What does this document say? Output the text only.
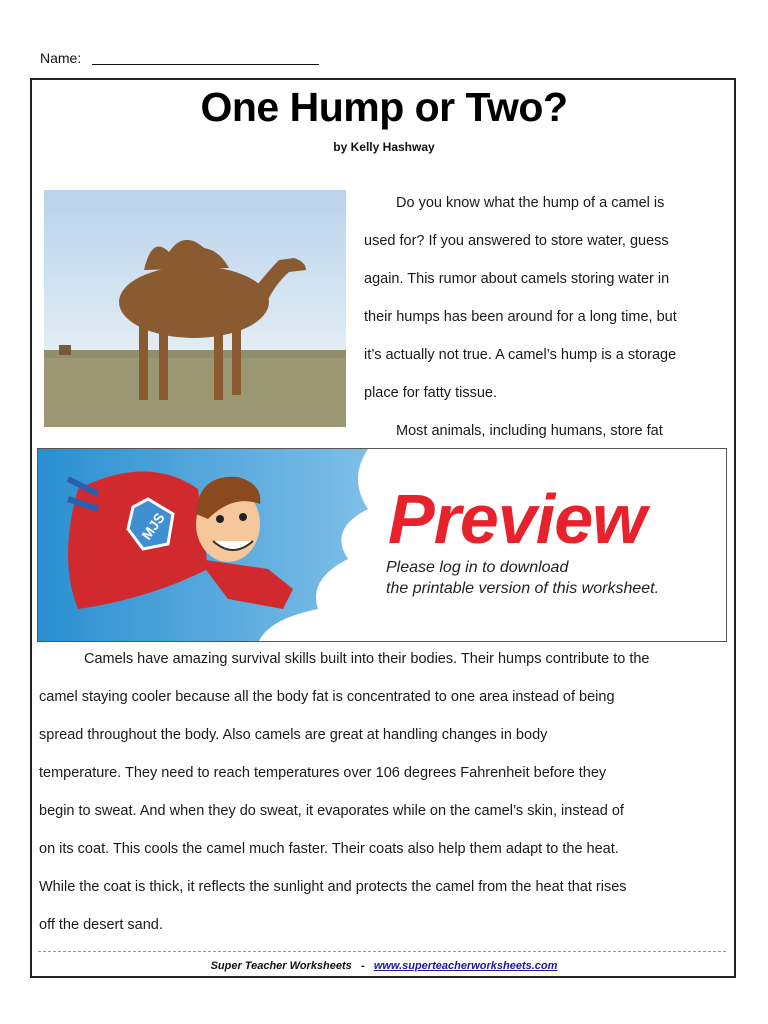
Name:
One Hump or Two?
by Kelly Hashway
Do you know what the hump of a camel is
used for? If you answered to store water, guess
again. This rumor about camels storing water in
their humps has been around for a long time, but
it’s actually not true. A camel’s hump is a storage
place for fatty tissue.
Most animals, including humans, store fat
MJS	Preview
Please log in to download
the printable version of this worksheet.
Camels have amazing survival skills built into their bodies. Their humps contribute to the
camel staying cooler because all the body fat is concentrated to one area instead of being
spread throughout the body. Also camels are great at handling changes in body
temperature. They need to reach temperatures over 106 degrees Fahrenheit before they
begin to sweat. And when they do sweat, it evaporates while on the camel’s skin, instead of
on its coat. This cools the camel much faster. Their coats also help them adapt to the heat.
While the coat is thick, it reflects the sunlight and protects the camel from the heat that rises
off the desert sand.
Super Teacher Worksheets - www.superteacherworksheets.com
